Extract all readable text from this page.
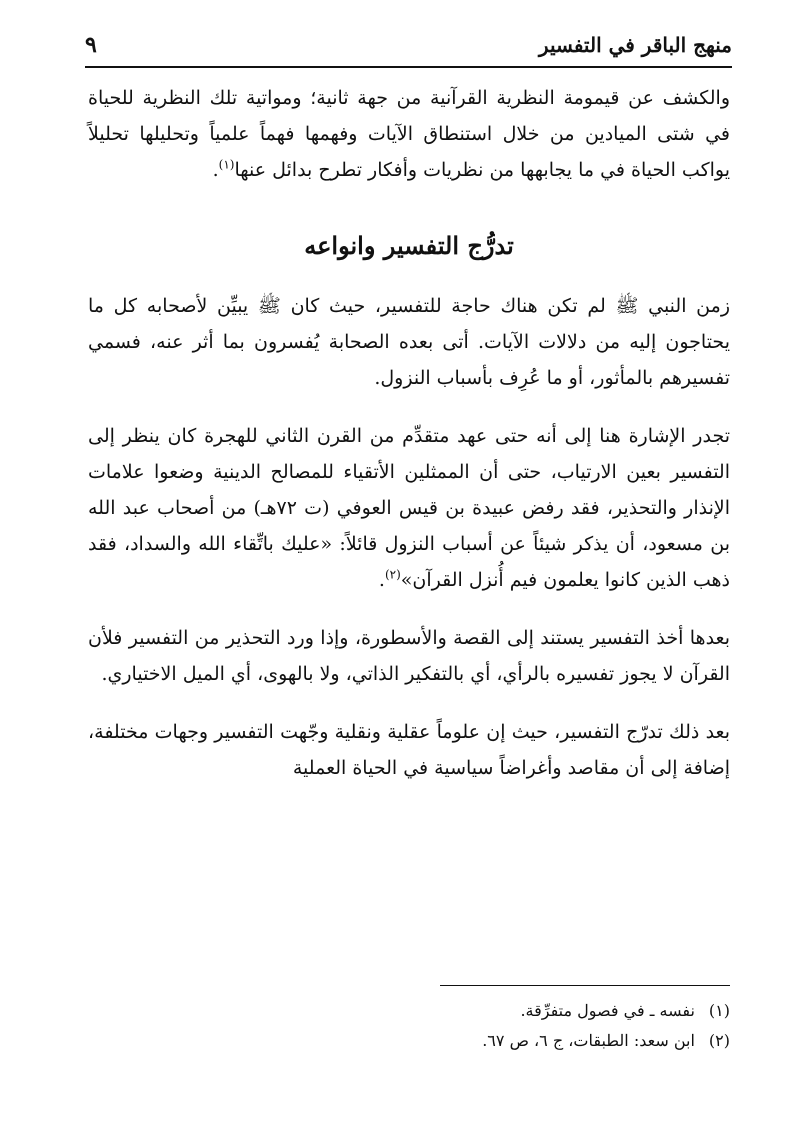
منهج الباقر في التفسير
٩

والكشف عن قيمومة النظرية القرآنية من جهة ثانية؛ ومواتية تلك النظرية للحياة في شتى الميادين من خلال استنطاق الآيات وفهمها فهماً علمياً وتحليلها تحليلاً يواكب الحياة في ما يجابهها من نظريات وأفكار تطرح بدائل عنها$^{(١)}$.

تدرُّج التفسير وانواعه

زمن النبي ﷺ لم تكن هناك حاجة للتفسير، حيث كان ﷺ يبيِّن لأصحابه كل ما يحتاجون إليه من دلالات الآيات. أتى بعده الصحابة يُفسرون بما أثر عنه، فسمي تفسيرهم بالمأثور، أو ما عُرِف بأسباب النزول.

تجدر الإشارة هنا إلى أنه حتى عهد متقدِّم من القرن الثاني للهجرة كان ينظر إلى التفسير بعين الارتياب، حتى أن الممثلين الأتقياء للمصالح الدينية وضعوا علامات الإنذار والتحذير، فقد رفض عبيدة بن قيس العوفي (ت ٧٢هـ) من أصحاب عبد الله بن مسعود، أن يذكر شيئاً عن أسباب النزول قائلاً: «عليك باتِّقاء الله والسداد، فقد ذهب الذين كانوا يعلمون فيم أُنزل القرآن»$^{(٢)}$.

بعدها أخذ التفسير يستند إلى القصة والأسطورة، وإذا ورد التحذير من التفسير فلأن القرآن لا يجوز تفسيره بالرأي، أي بالتفكير الذاتي، ولا بالهوى، أي الميل الاختياري.

بعد ذلك تدرّج التفسير، حيث إن علوماً عقلية ونقلية وجّهت التفسير وجهات مختلفة، إضافة إلى أن مقاصد وأغراضاً سياسية في الحياة العملية

(١)
نفسه ـ في فصول متفرِّقة.
(٢)
ابن سعد: الطبقات، ج ٦، ص ٦٧.
